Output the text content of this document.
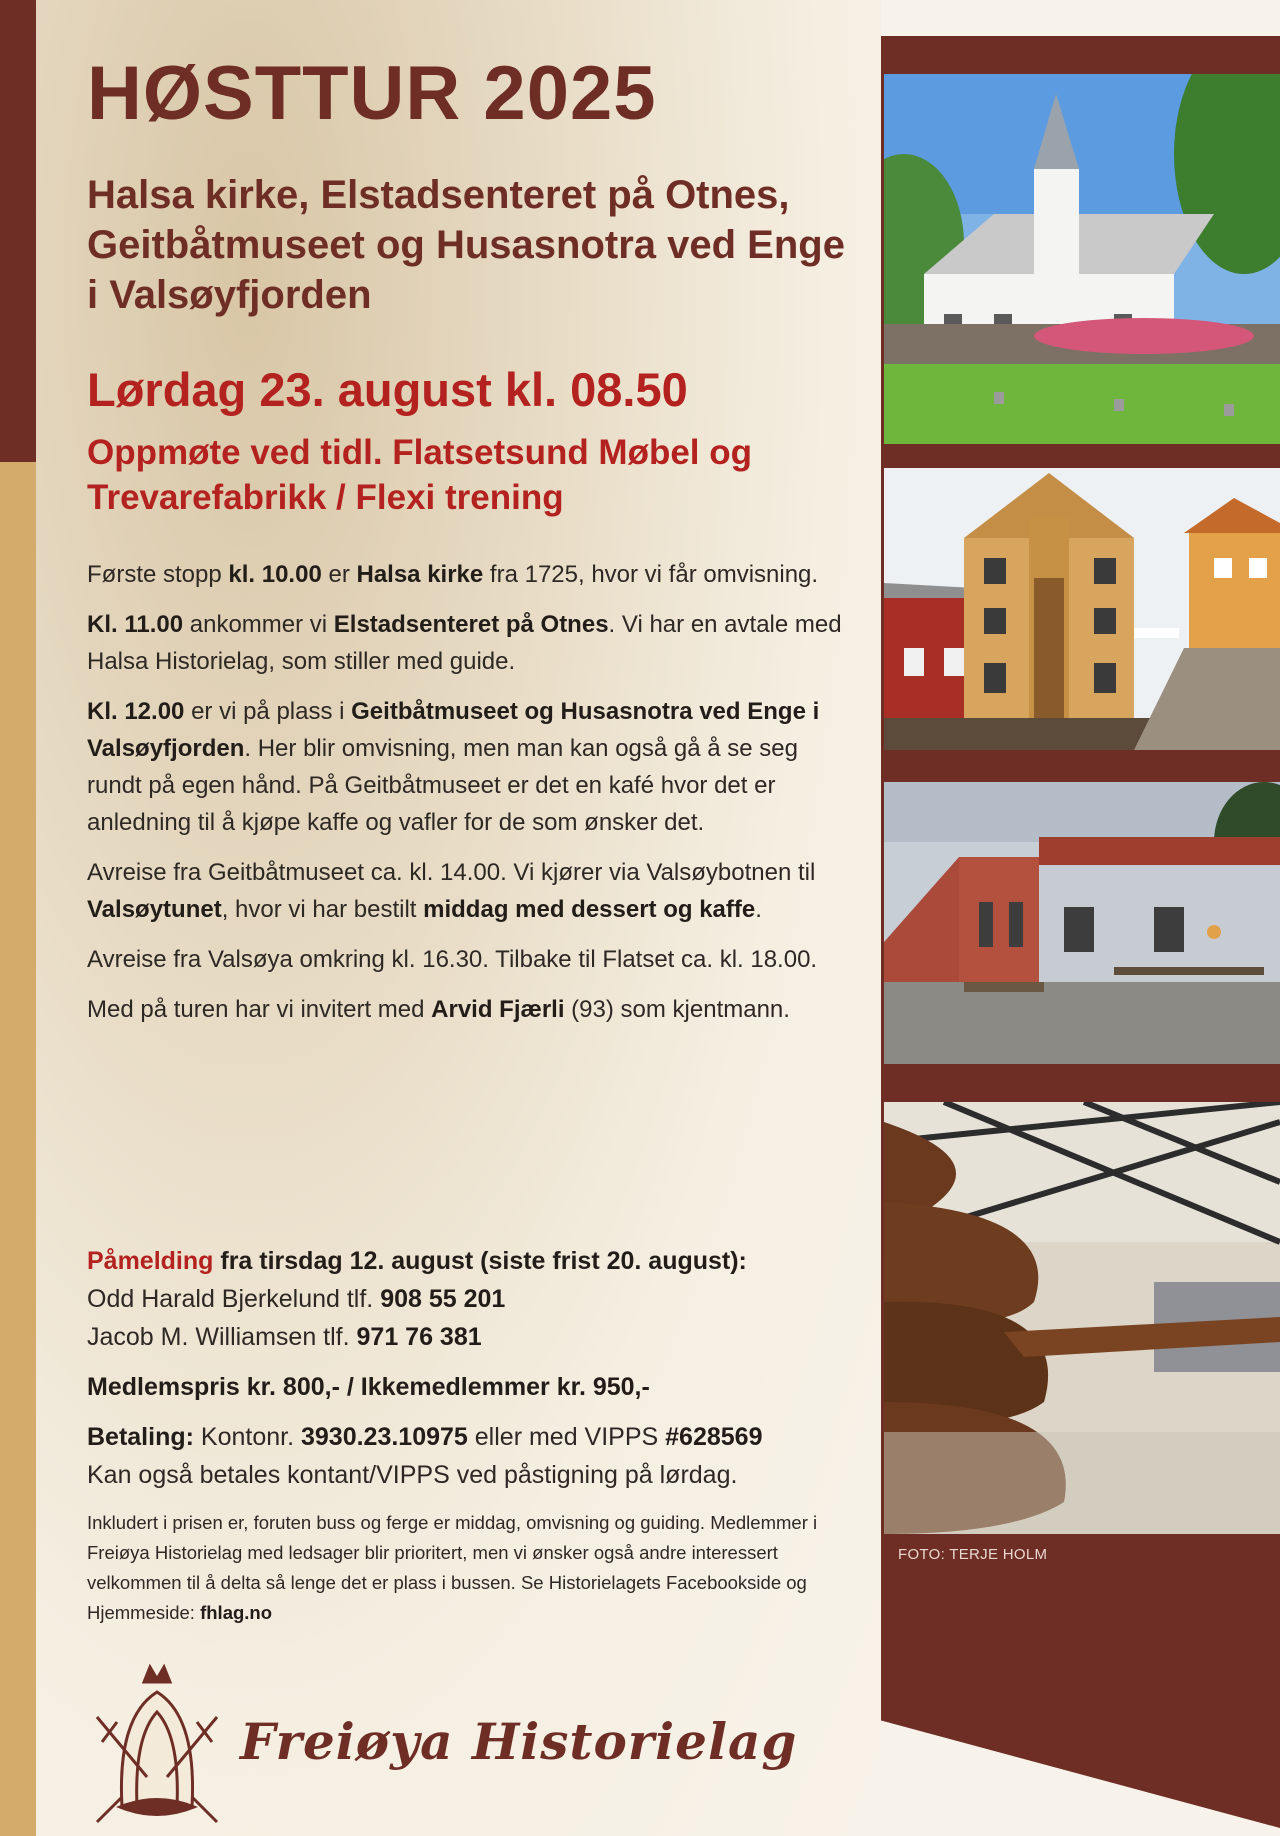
FOTO: TERJE HOLM
HØSTTUR 2025
Halsa kirke, Elstadsenteret på Otnes, Geitbåtmuseet og Husasnotra ved Enge i Valsøyfjorden
Lørdag 23. august kl. 08.50
Oppmøte ved tidl. Flatsetsund Møbel og Trevarefabrikk / Flexi trening

Første stopp kl. 10.00 er Halsa kirke fra 1725, hvor vi får omvisning.

Kl. 11.00 ankommer vi Elstadsenteret på Otnes. Vi har en avtale med Halsa Historielag, som stiller med guide.

Kl. 12.00 er vi på plass i Geitbåtmuseet og Husasnotra ved Enge i Valsøyfjorden. Her blir omvisning, men man kan også gå å se seg rundt på egen hånd. På Geitbåtmuseet er det en kafé hvor det er anledning til å kjøpe kaffe og vafler for de som ønsker det.

Avreise fra Geitbåtmuseet ca. kl. 14.00. Vi kjører via Valsøybotnen til Valsøytunet, hvor vi har bestilt middag med dessert og kaffe.

Avreise fra Valsøya omkring kl. 16.30. Tilbake til Flatset ca. kl. 18.00.

Med på turen har vi invitert med Arvid Fjærli (93) som kjentmann.

Påmelding fra tirsdag 12. august (siste frist 20. august):
Odd Harald Bjerkelund tlf. 908 55 201
Jacob M. Williamsen tlf. 971 76 381

Medlemspris kr. 800,- / Ikkemedlemmer kr. 950,-

Betaling: Kontonr. 3930.23.10975 eller med VIPPS #628569
Kan også betales kontant/VIPPS ved påstigning på lørdag.

Inkludert i prisen er, foruten buss og ferge er middag, omvisning og guiding. Medlemmer i Freiøya Historielag med ledsager blir prioritert, men vi ønsker også andre interessert velkommen til å delta så lenge det er plass i bussen. Se Historielagets Facebookside og Hjemmeside: fhlag.no

Freiøya Historielag
